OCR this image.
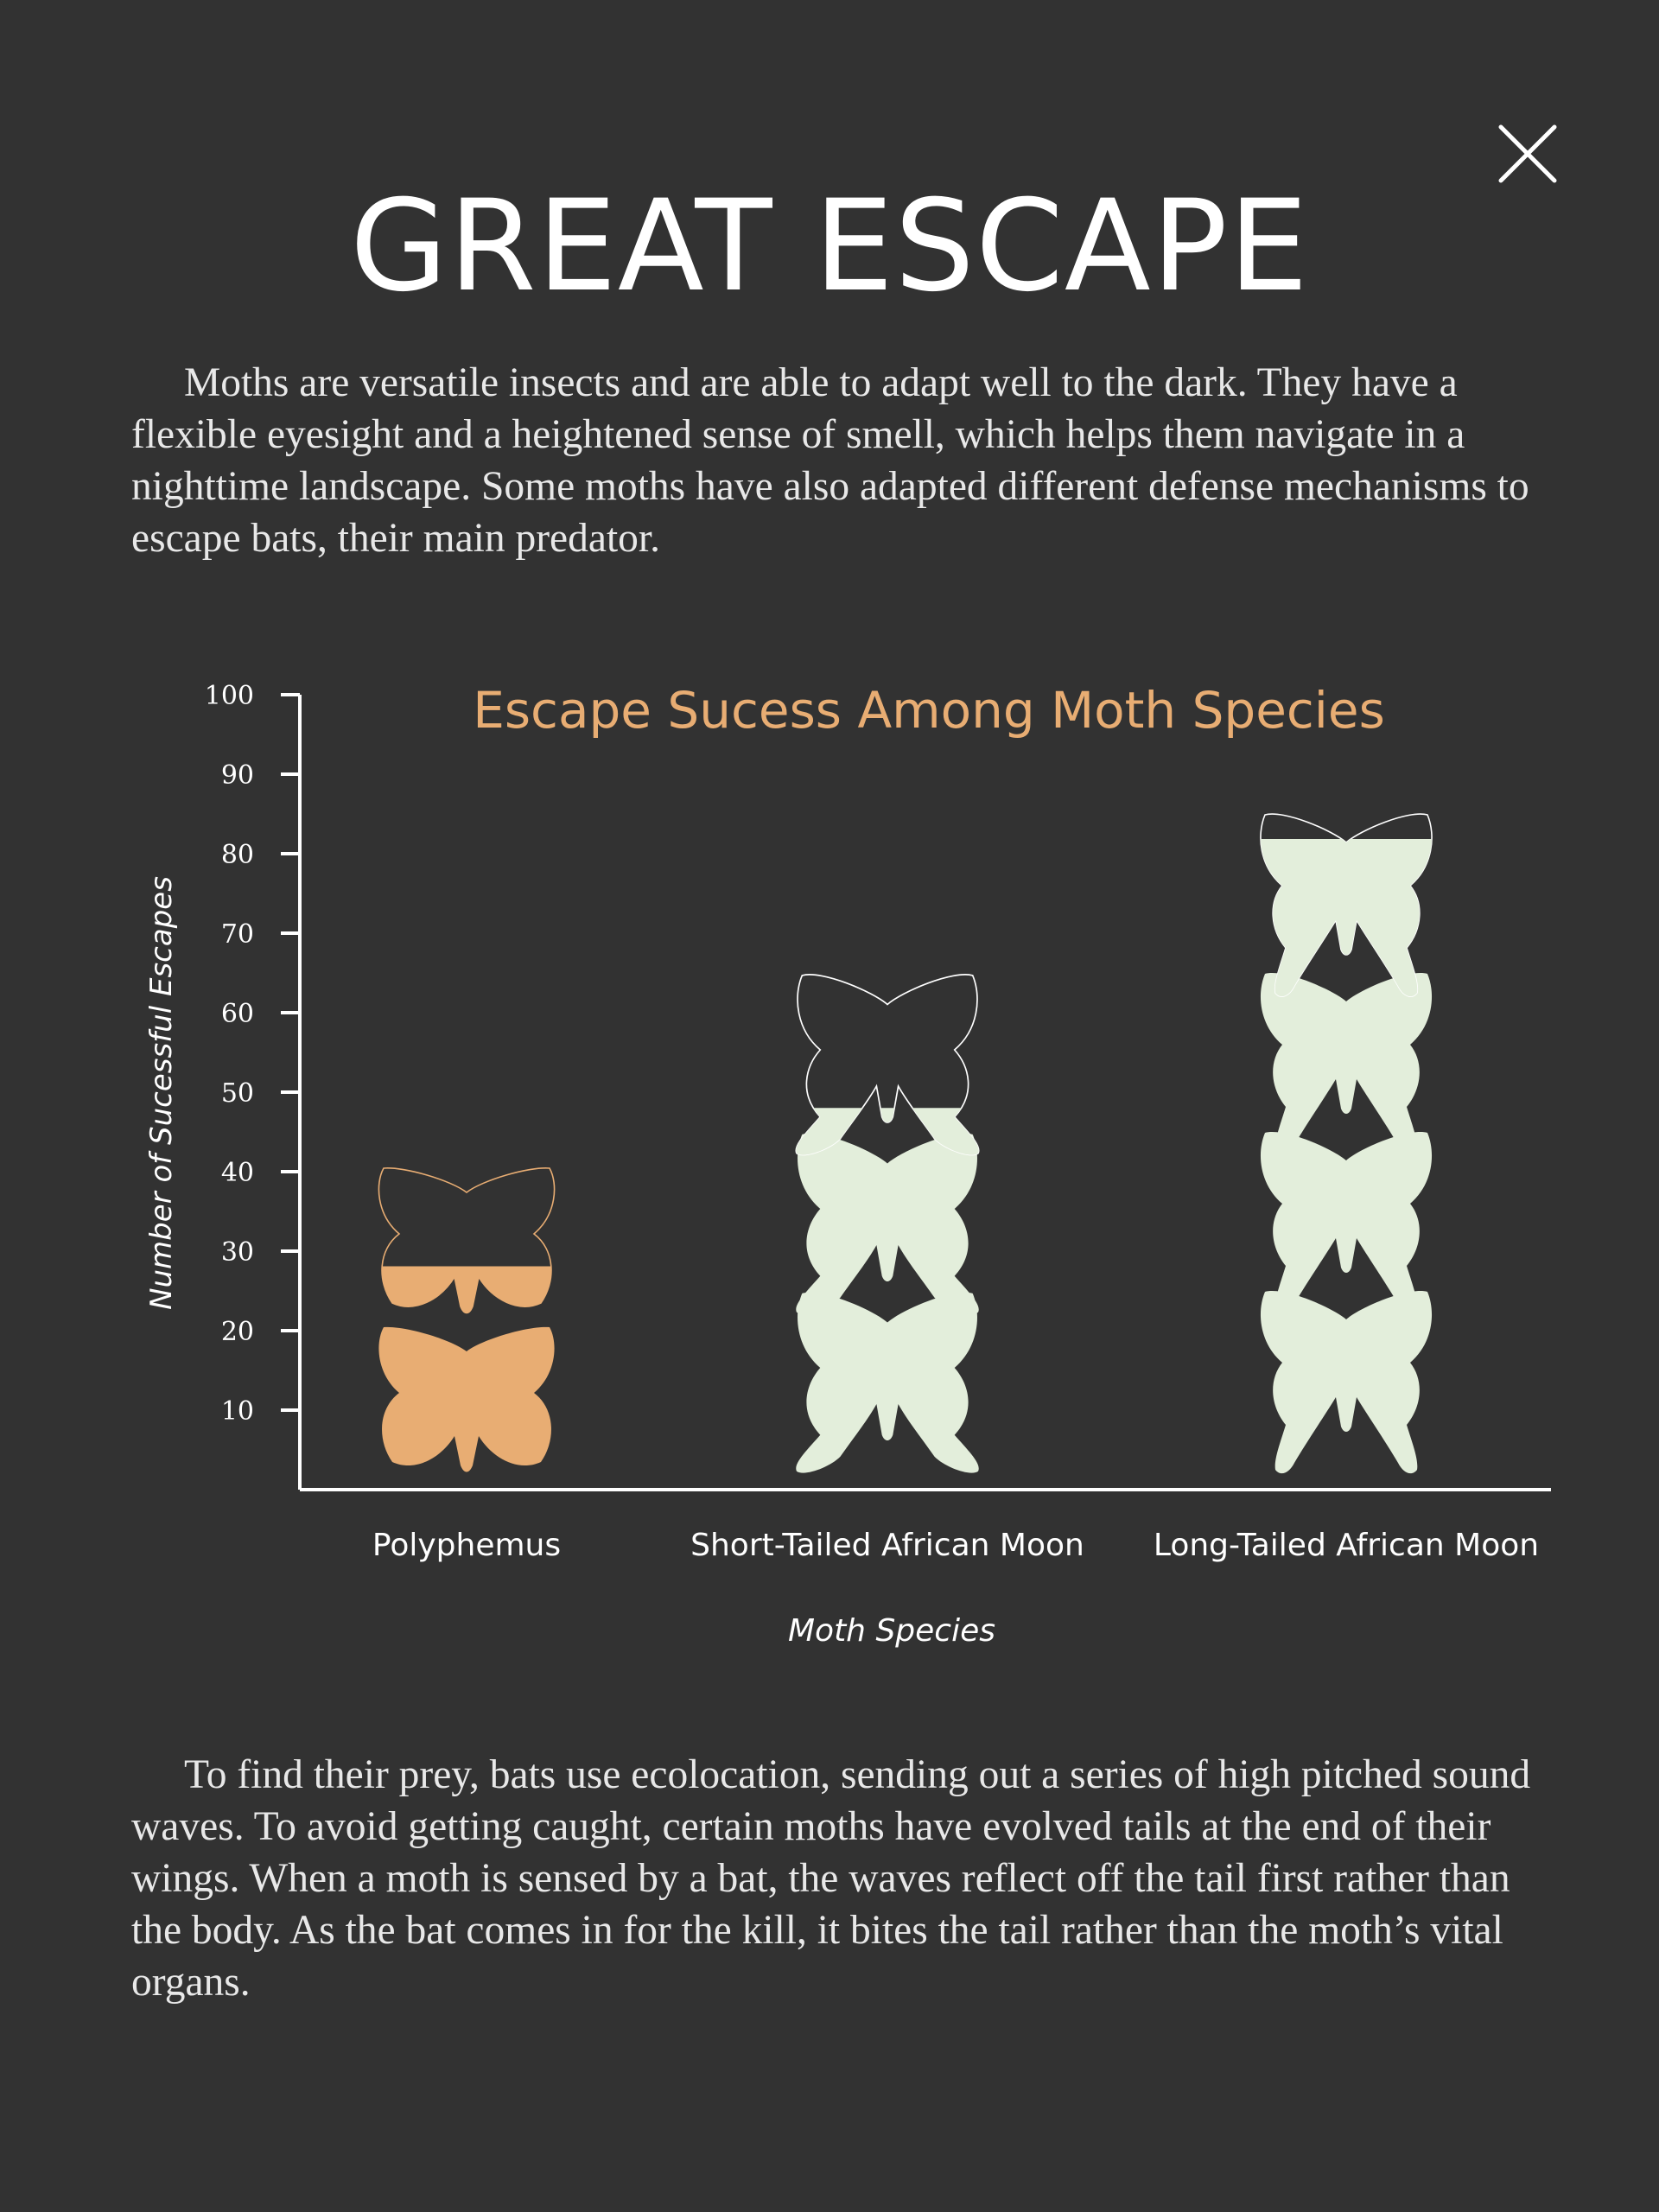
GREAT ESCAPE

Moths are versatile insects and are able to adapt well to the dark. They have a flexible eyesight and a heightened sense of smell, which helps them navigate in a nighttime landscape. Some moths have also adapted different defense mechanisms to escape bats, their main predator.

10
20
30
40
50
60
70
80
90
100	Escape Sucess Among Moth Species
Number of Sucessful Escapes
Moth Species
Polyphemus	Short-Tailed African Moon Long-Tailed African Moon

To find their prey, bats use ecolocation, sending out a series of high pitched sound waves. To avoid getting caught, certain moths have evolved tails at the end of their wings. When a moth is sensed by a bat, the waves reflect off the tail first rather than the body. As the bat comes in for the kill, it bites the tail rather than the moth’s vital organs.
